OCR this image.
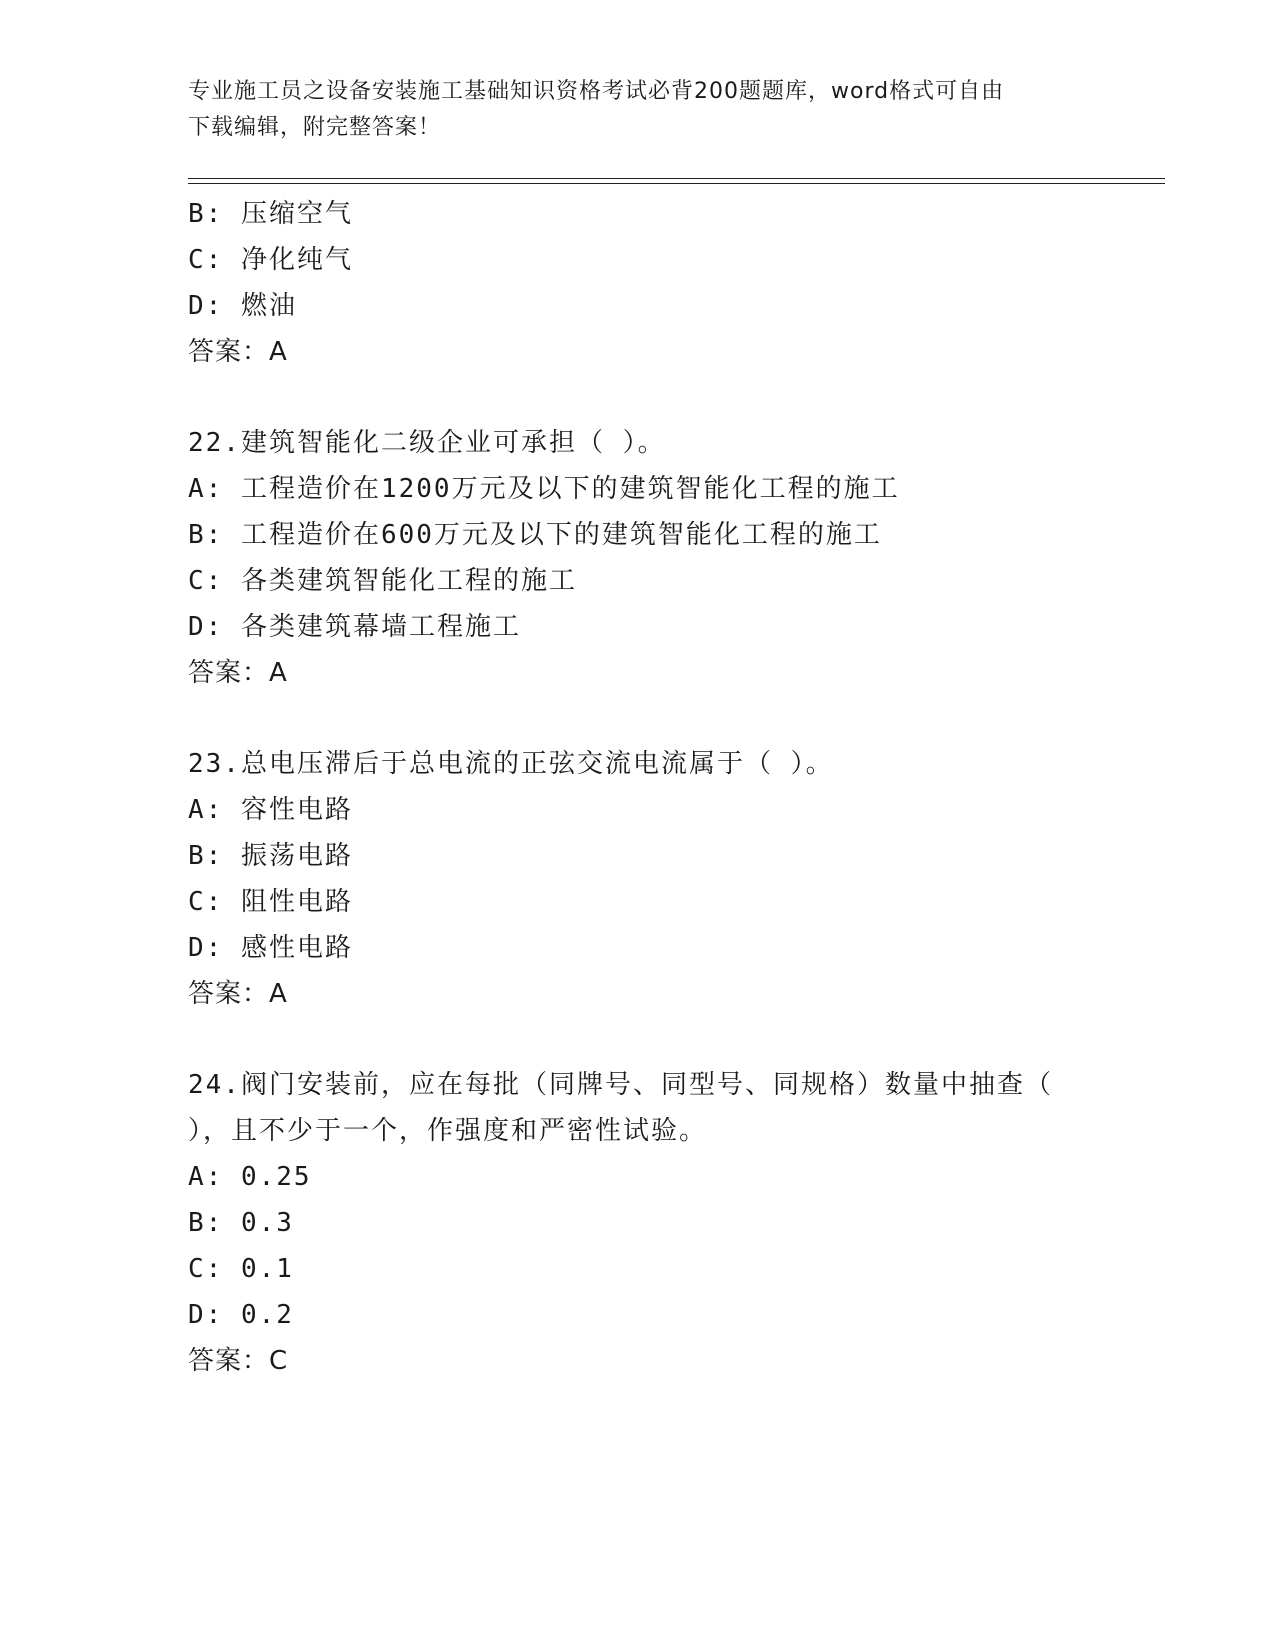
专业施工员之设备安装施工基础知识资格考试必背200题题库，word格式可自由
下载编辑，附完整答案！
B: 压缩空气
C: 净化纯气
D: 燃油
答案：A
22.建筑智能化二级企业可承担（ ）。
A: 工程造价在1200万元及以下的建筑智能化工程的施工
B: 工程造价在600万元及以下的建筑智能化工程的施工
C: 各类建筑智能化工程的施工
D: 各类建筑幕墙工程施工
答案：A
23.总电压滞后于总电流的正弦交流电流属于（ ）。
A: 容性电路
B: 振荡电路
C: 阻性电路
D: 感性电路
答案：A
24.阀门安装前，应在每批（同牌号、同型号、同规格）数量中抽查（
），且不少于一个，作强度和严密性试验。
A: 0.25
B: 0.3
C: 0.1
D: 0.2
答案：C
